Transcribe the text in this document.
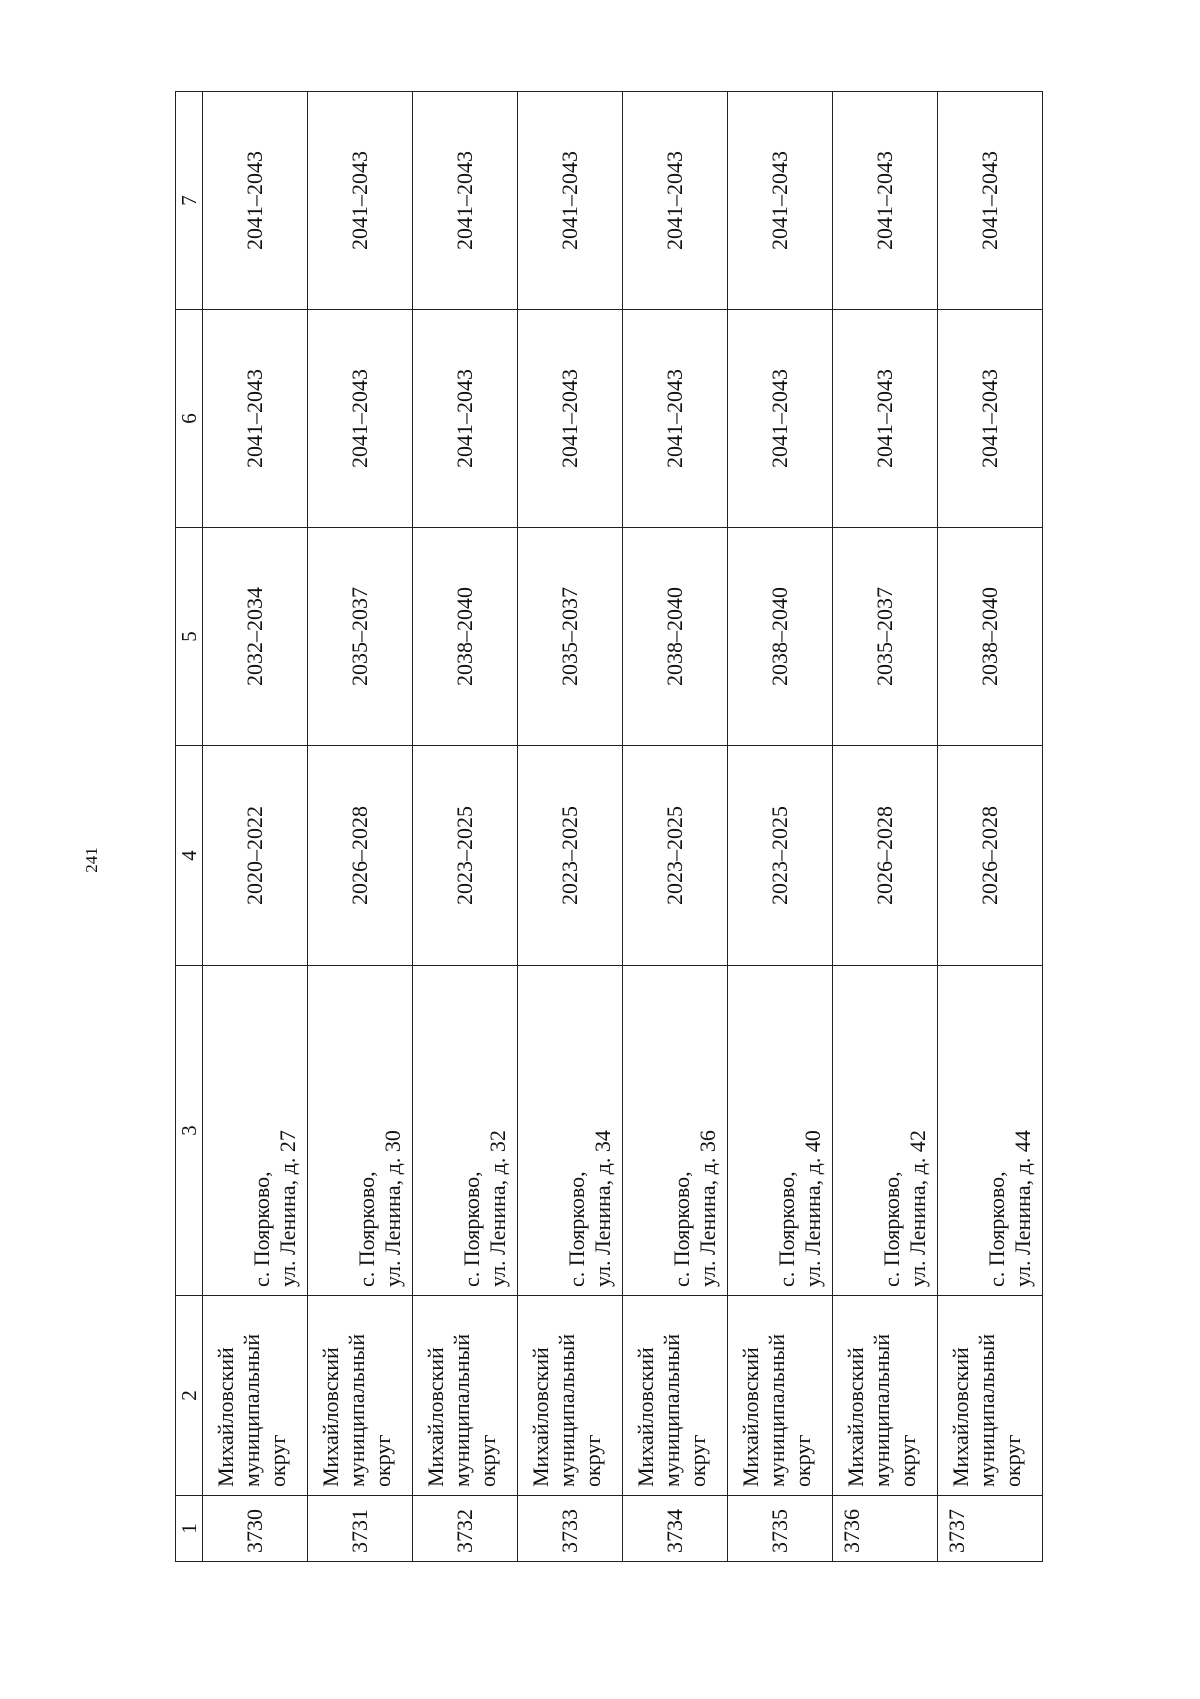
241
1	2	3	4	5	6	7
3730	Михайловский муниципальный округ	с. Поярково, ул. Ленина, д. 27	2020–2022	2032–2034	2041–2043	2041–2043
3731	Михайловский муниципальный округ	с. Поярково, ул. Ленина, д. 30	2026–2028	2035–2037	2041–2043	2041–2043
3732	Михайловский муниципальный округ	с. Поярково, ул. Ленина, д. 32	2023–2025	2038–2040	2041–2043	2041–2043
3733	Михайловский муниципальный округ	с. Поярково, ул. Ленина, д. 34	2023–2025	2035–2037	2041–2043	2041–2043
3734	Михайловский муниципальный округ	с. Поярково, ул. Ленина, д. 36	2023–2025	2038–2040	2041–2043	2041–2043
3735	Михайловский муниципальный округ	с. Поярково, ул. Ленина, д. 40	2023–2025	2038–2040	2041–2043	2041–2043
3736	Михайловский муниципальный округ	с. Поярково, ул. Ленина, д. 42	2026–2028	2035–2037	2041–2043	2041–2043
3737	Михайловский муниципальный округ	с. Поярково, ул. Ленина, д. 44	2026–2028	2038–2040	2041–2043	2041–2043
